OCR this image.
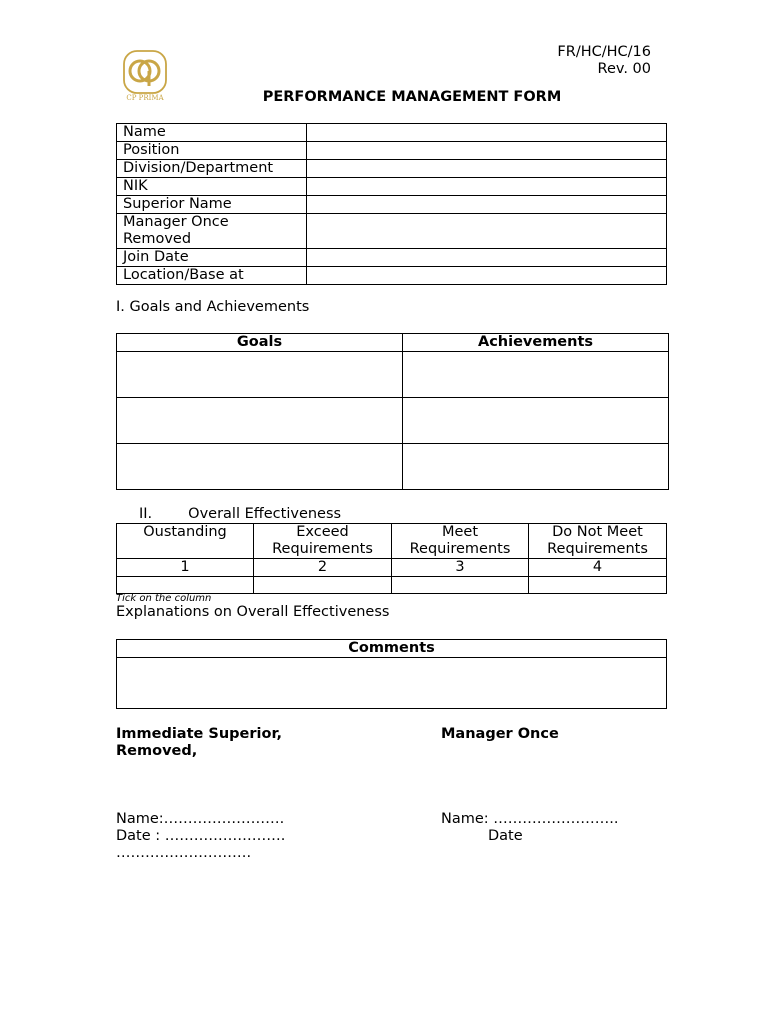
CP PRIMA
FR/HC/HC/16
Rev. 00
PERFORMANCE MANAGEMENT FORM
Name	
Position	
Division/Department	
NIK	
Superior Name	
Manager Once Removed	
Join Date	
Location/Base at	
I. Goals and Achievements
Goals	Achievements

II. Overall Effectiveness
Oustanding	Exceed Requirements	Meet Requirements	Do Not Meet Requirements
1	2	3	4

Tick on the column
Explanations on Overall Effectiveness
Comments

Immediate Superior,	Manager Once
Removed,
Name:…………………….	Name: ……………………..
Date : …………………….	Date
……………………….
